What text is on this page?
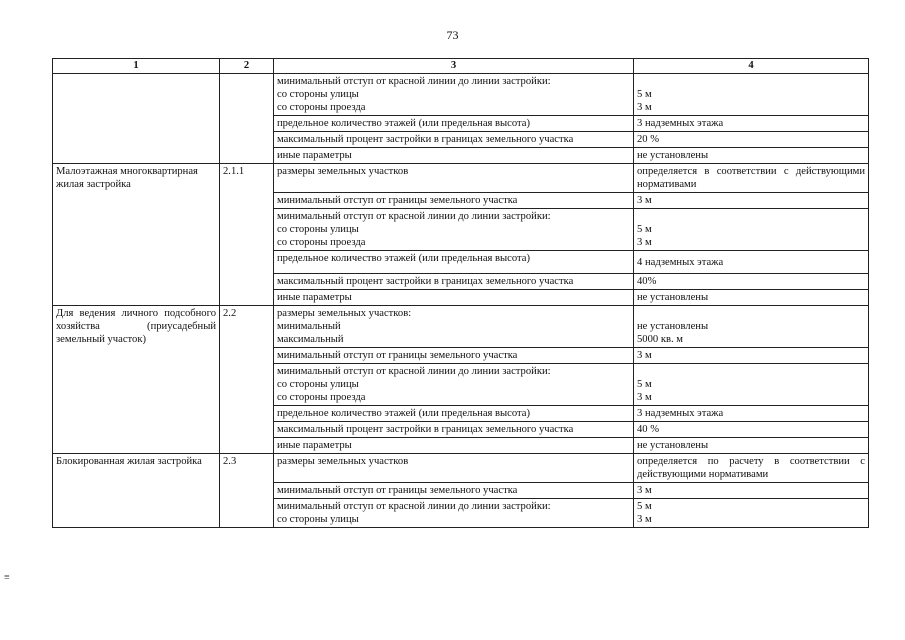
73
1	2	3	4

		минимальный отступ от красной линии до линии застройки:
со стороны улицы
со стороны проезда	5 м
3 м

		предельное количество этажей (или предельная высота)	3 надземных этажа

		максимальный процент застройки в границах земельного участка	20 %
		иные параметры	не установлены
Малоэтажная многоквартирная жилая застройка	2.1.1	размеры земельных участков	определяется в соответствии с действующими нормативами

		минимальный отступ от границы земельного участка	3 м

		минимальный отступ от красной линии до линии застройки:
со стороны улицы
со стороны проезда	5 м
3 м

		предельное количество этажей (или предельная высота)	4 надземных этажа

		максимальный процент застройки в границах земельного участка	40%
		иные параметры	не установлены

Для ведения личного подсобного хозяйства (приусадебный земельный участок)	2.2	размеры земельных участков:
минимальный
максимальный	не установлены
5000 кв. м

		минимальный отступ от границы земельного участка	3 м

		минимальный отступ от красной линии до линии застройки:
со стороны улицы
со стороны проезда	5 м
3 м

		предельное количество этажей (или предельная высота)	3 надземных этажа

		максимальный процент застройки в границах земельного участка	40 %
		иные параметры	не установлены

Блокированная жилая застройка	2.3	размеры земельных участков	определяется по расчету в соответствии с действующими нормативами

		минимальный отступ от границы земельного участка	3 м

		минимальный отступ от красной линии до линии застройки:
со стороны улицы	5 м
3 м
≡
